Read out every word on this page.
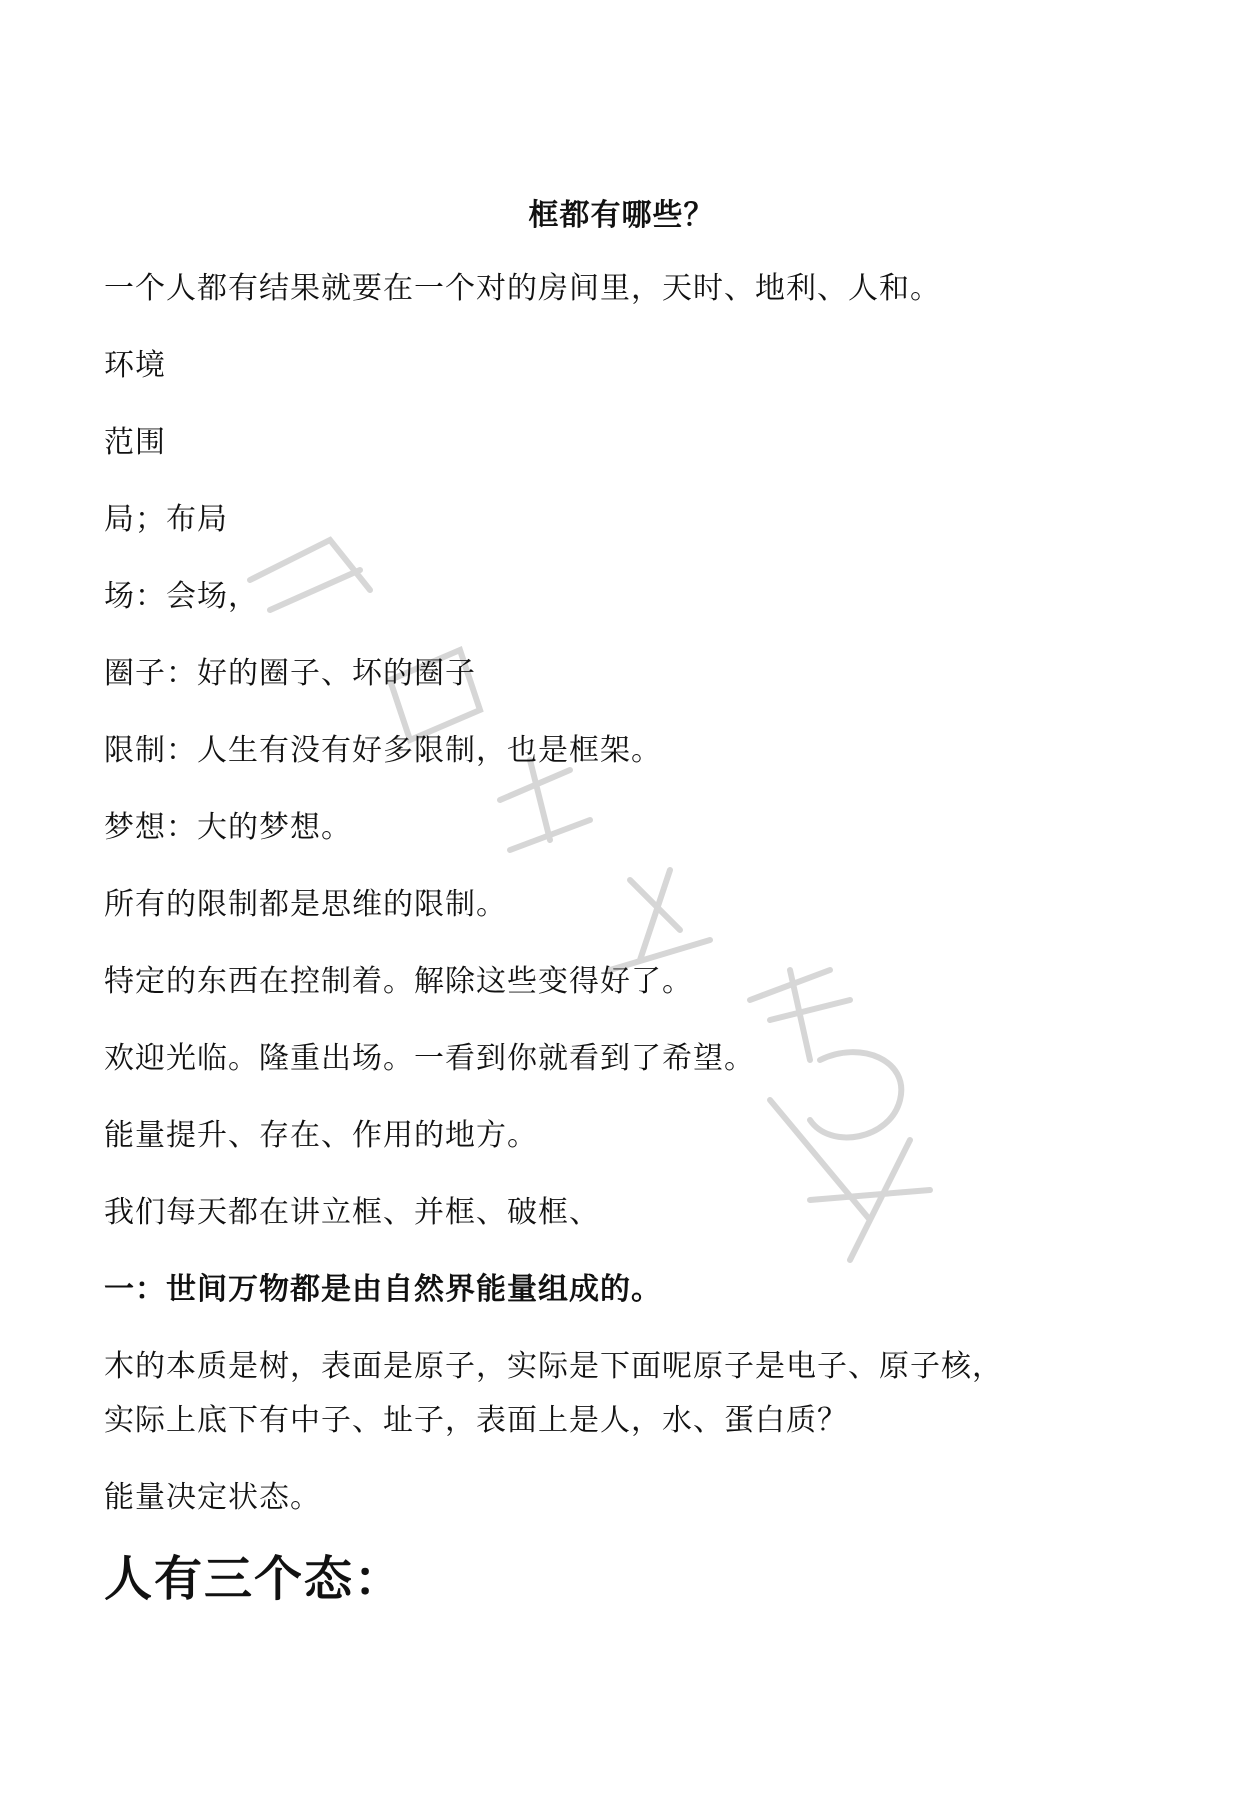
框都有哪些？
一个人都有结果就要在一个对的房间里，天时、地利、人和。
环境
范围
局；布局
场：会场，
圈子：好的圈子、坏的圈子
限制：人生有没有好多限制，也是框架。
梦想：大的梦想。
所有的限制都是思维的限制。
特定的东西在控制着。解除这些变得好了。
欢迎光临。隆重出场。一看到你就看到了希望。
能量提升、存在、作用的地方。
我们每天都在讲立框、并框、破框、
一：世间万物都是由自然界能量组成的。
木的本质是树，表面是原子，实际是下面呢原子是电子、原子核，
实际上底下有中子、址子，表面上是人，水、蛋白质？
能量决定状态。
人有三个态：
